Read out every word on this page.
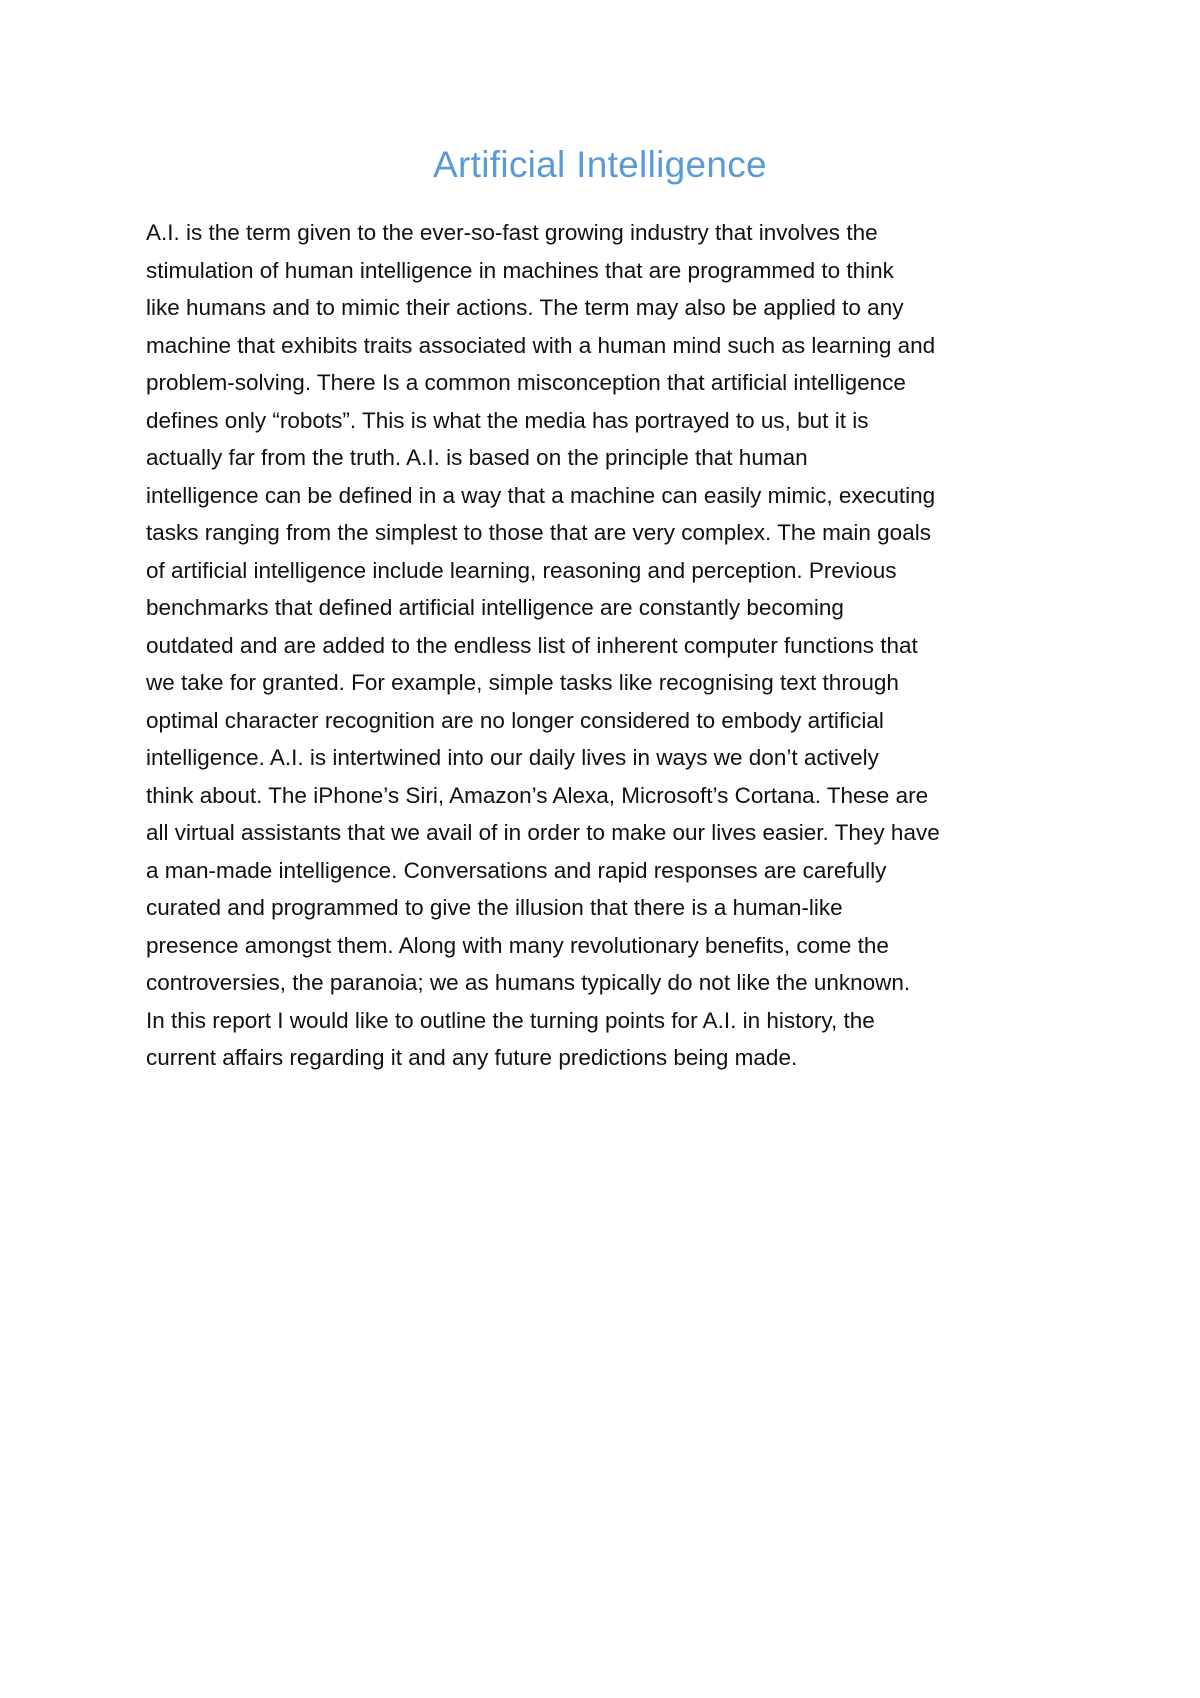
Artificial Intelligence
A.I. is the term given to the ever-so-fast growing industry that involves the
stimulation of human intelligence in machines that are programmed to think
like humans and to mimic their actions. The term may also be applied to any
machine that exhibits traits associated with a human mind such as learning and
problem-solving. There Is a common misconception that artificial intelligence
defines only “robots”. This is what the media has portrayed to us, but it is
actually far from the truth. A.I. is based on the principle that human
intelligence can be defined in a way that a machine can easily mimic, executing
tasks ranging from the simplest to those that are very complex. The main goals
of artificial intelligence include learning, reasoning and perception. Previous
benchmarks that defined artificial intelligence are constantly becoming
outdated and are added to the endless list of inherent computer functions that
we take for granted. For example, simple tasks like recognising text through
optimal character recognition are no longer considered to embody artificial
intelligence. A.I. is intertwined into our daily lives in ways we don’t actively
think about. The iPhone’s Siri, Amazon’s Alexa, Microsoft’s Cortana. These are
all virtual assistants that we avail of in order to make our lives easier. They have
a man-made intelligence. Conversations and rapid responses are carefully
curated and programmed to give the illusion that there is a human-like
presence amongst them. Along with many revolutionary benefits, come the
controversies, the paranoia; we as humans typically do not like the unknown.
In this report I would like to outline the turning points for A.I. in history, the
current affairs regarding it and any future predictions being made.
